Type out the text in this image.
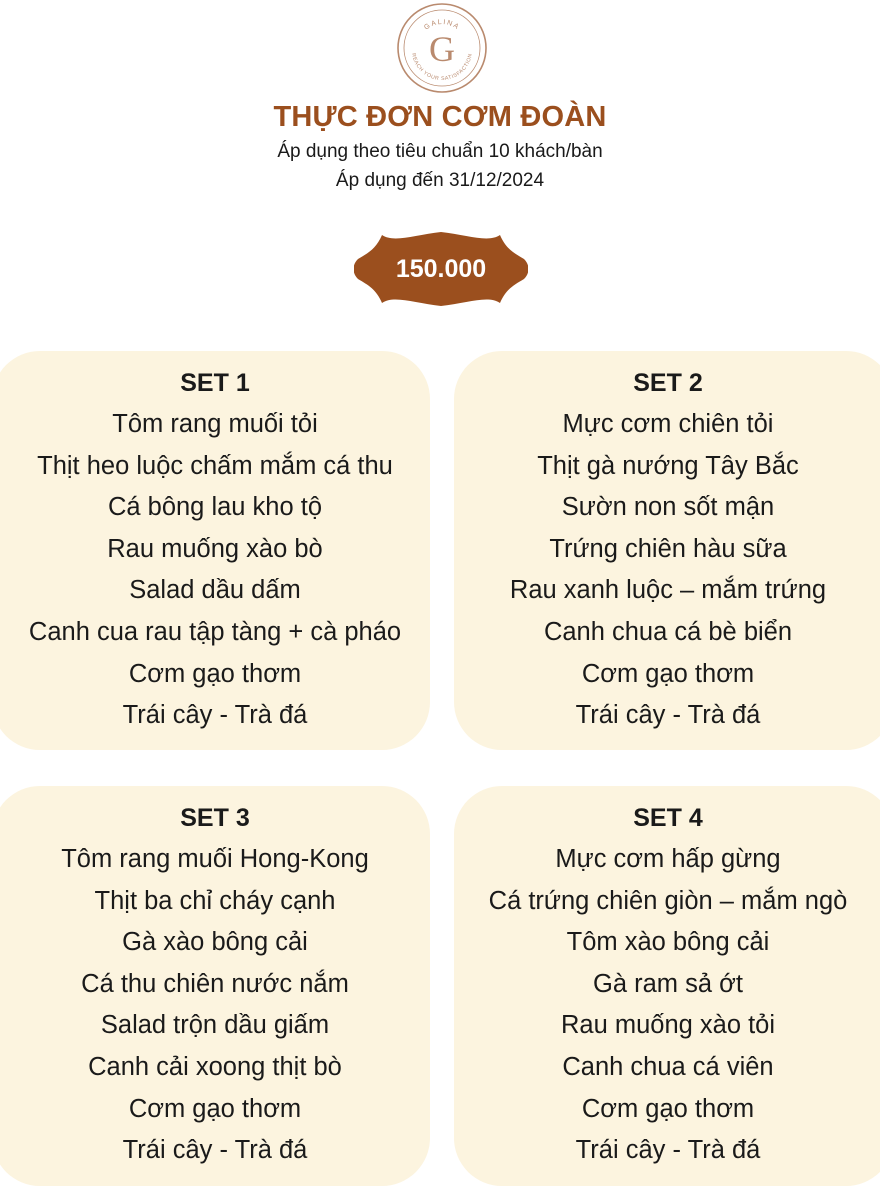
GALINA
REACH YOUR SATISFACTION
G
THỰC ĐƠN CƠM ĐOÀN
Áp dụng theo tiêu chuẩn 10 khách/bàn
Áp dụng đến 31/12/2024
150.000
SET 1
Tôm rang muối tỏi
Thịt heo luộc chấm mắm cá thu
Cá bông lau kho tộ
Rau muống xào bò
Salad dầu dấm
Canh cua rau tập tàng + cà pháo
Cơm gạo thơm
Trái cây - Trà đá
SET 2
Mực cơm chiên tỏi
Thịt gà nướng Tây Bắc
Sườn non sốt mận
Trứng chiên hàu sữa
Rau xanh luộc – mắm trứng
Canh chua cá bè biển
Cơm gạo thơm
Trái cây - Trà đá
SET 3
Tôm rang muối Hong-Kong
Thịt ba chỉ cháy cạnh
Gà xào bông cải
Cá thu chiên nước nắm
Salad trộn dầu giấm
Canh cải xoong thịt bò
Cơm gạo thơm
Trái cây - Trà đá
SET 4
Mực cơm hấp gừng
Cá trứng chiên giòn – mắm ngò
Tôm xào bông cải
Gà ram sả ớt
Rau muống xào tỏi
Canh chua cá viên
Cơm gạo thơm
Trái cây - Trà đá
